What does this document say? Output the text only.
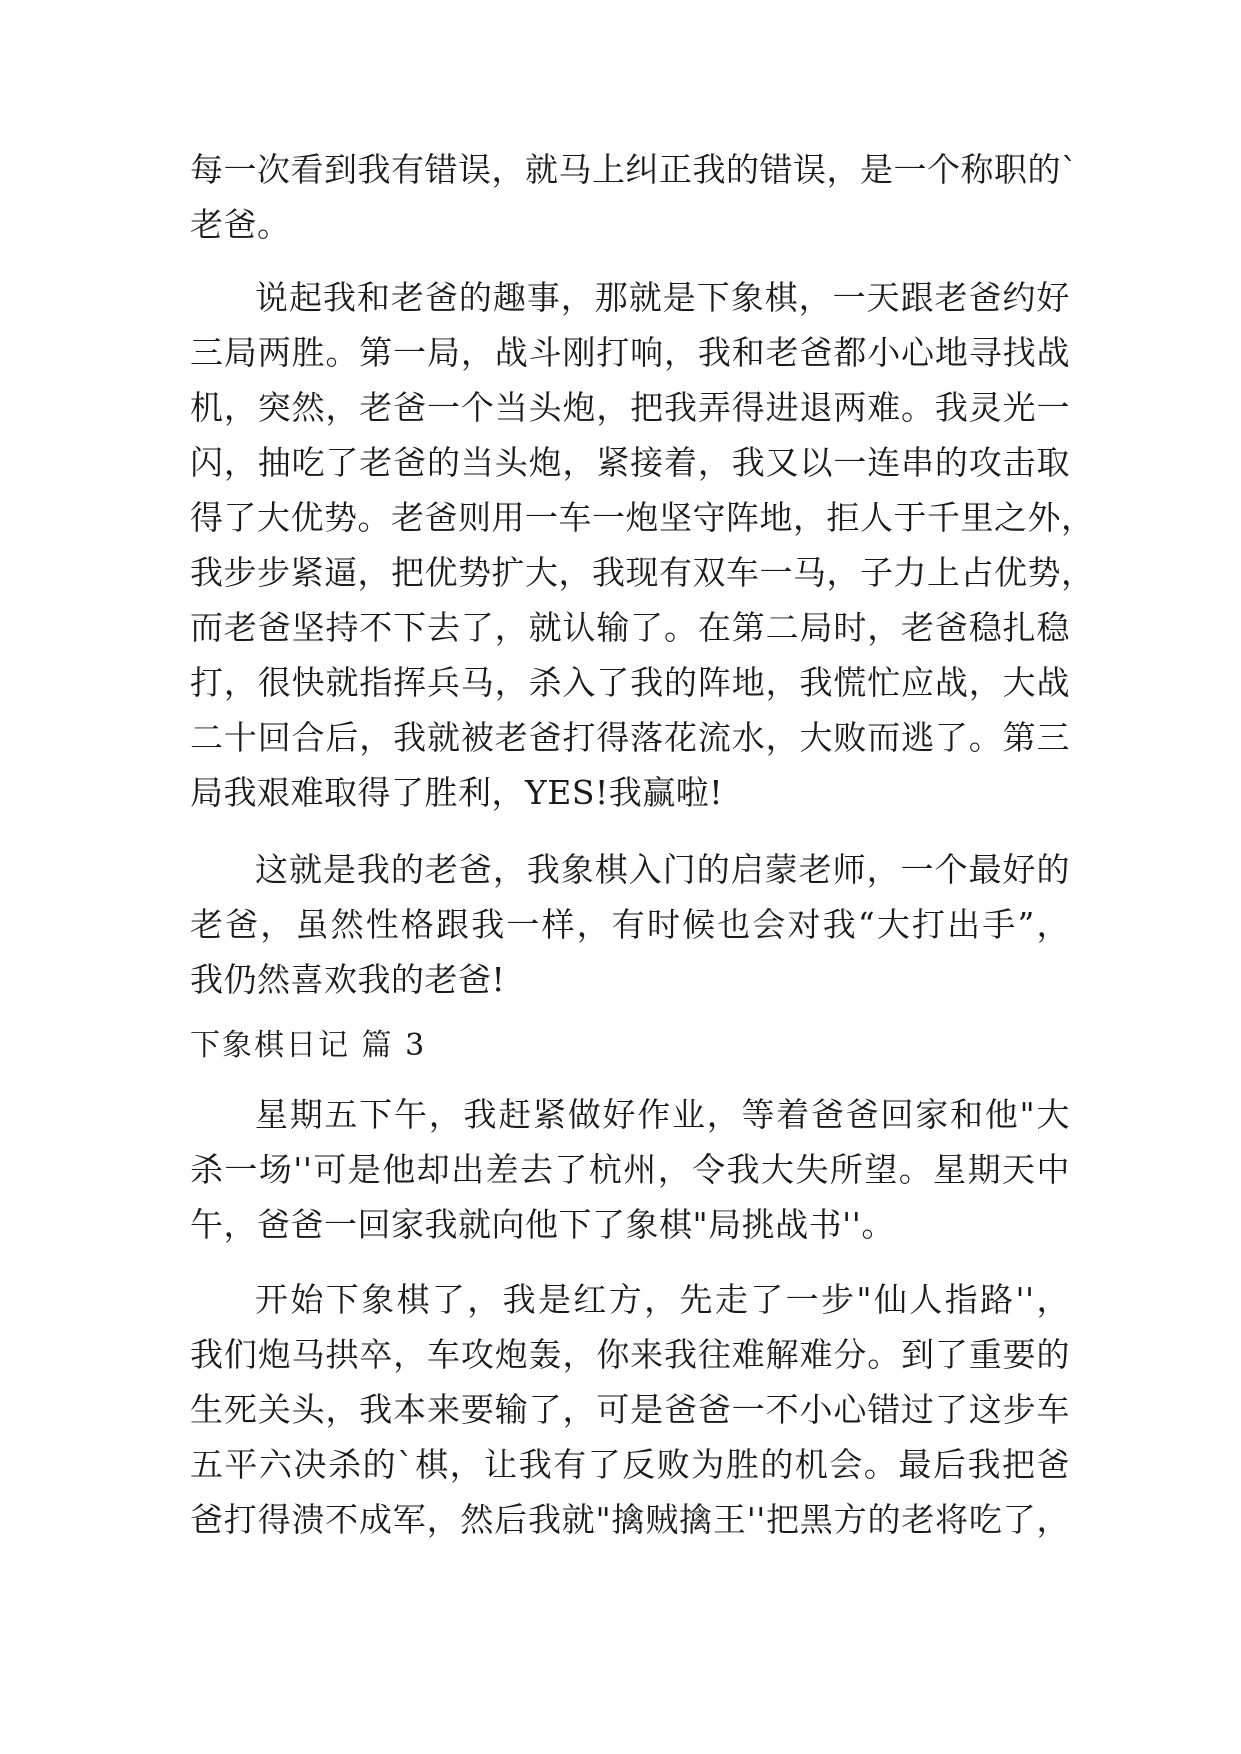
每一次看到我有错误，就马上纠正我的错误，是一个称职的`
老爸。
说起我和老爸的趣事，那就是下象棋，一天跟老爸约好
三局两胜。第一局，战斗刚打响，我和老爸都小心地寻找战
机，突然，老爸一个当头炮，把我弄得进退两难。我灵光一
闪，抽吃了老爸的当头炮，紧接着，我又以一连串的攻击取
得了大优势。老爸则用一车一炮坚守阵地，拒人于千里之外，
我步步紧逼，把优势扩大，我现有双车一马，子力上占优势，
而老爸坚持不下去了，就认输了。在第二局时，老爸稳扎稳
打，很快就指挥兵马，杀入了我的阵地，我慌忙应战，大战
二十回合后，我就被老爸打得落花流水，大败而逃了。第三
局我艰难取得了胜利，YES!我赢啦!
这就是我的老爸，我象棋入门的启蒙老师，一个最好的
老爸，虽然性格跟我一样，有时候也会对我“大打出手”，
我仍然喜欢我的老爸!
下象棋日记 篇 3
星期五下午，我赶紧做好作业，等着爸爸回家和他"大
杀一场''可是他却出差去了杭州，令我大失所望。星期天中
午，爸爸一回家我就向他下了象棋"局挑战书''。
开始下象棋了，我是红方，先走了一步"仙人指路''，
我们炮马拱卒，车攻炮轰，你来我往难解难分。到了重要的
生死关头，我本来要输了，可是爸爸一不小心错过了这步车
五平六决杀的`棋，让我有了反败为胜的机会。最后我把爸
爸打得溃不成军，然后我就"擒贼擒王''把黑方的老将吃了，
